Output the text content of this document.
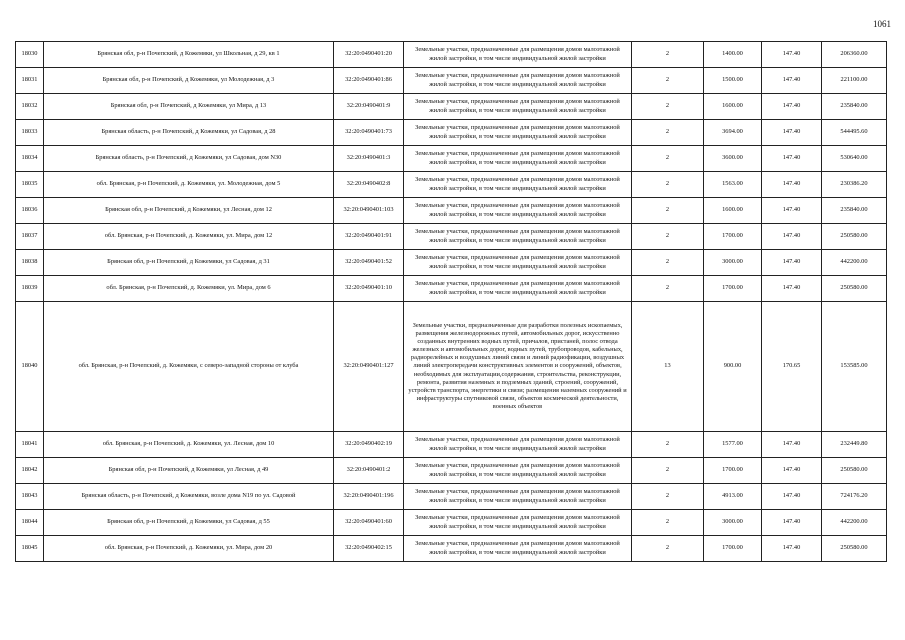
1061
18030	Брянская обл, р-н Почепский, д Кожемяки, ул Школьная, д 29, кв 1	32:20:0490401:20	Земельные участки, предназначенные для размещения домов малоэтажной жилой застройки, в том числе индивидуальной жилой застройки	2	1400.00	147.40	206360.00
18031	Брянская обл, р-н Почепский, д Кожемяки, ул Молодежная, д 3	32:20:0490401:86	Земельные участки, предназначенные для размещения домов малоэтажной жилой застройки, в том числе индивидуальной жилой застройки	2	1500.00	147.40	221100.00
18032	Брянская обл, р-н Почепский, д Кожемяки, ул Мира, д 13	32:20:0490401:9	Земельные участки, предназначенные для размещения домов малоэтажной жилой застройки, в том числе индивидуальной жилой застройки	2	1600.00	147.40	235840.00
18033	Брянская область, р-н Почепский, д Кожемяки, ул Садовая, д 28	32:20:0490401:73	Земельные участки, предназначенные для размещения домов малоэтажной жилой застройки, в том числе индивидуальной жилой застройки	2	3694.00	147.40	544495.60
18034	Брянская область, р-н Почепский, д Кожемяки, ул Садовая, дом N30	32:20:0490401:3	Земельные участки, предназначенные для размещения домов малоэтажной жилой застройки, в том числе индивидуальной жилой застройки	2	3600.00	147.40	530640.00
18035	обл. Брянская, р-н Почепский, д. Кожемяки, ул. Молодежная, дом 5	32:20:0490402:8	Земельные участки, предназначенные для размещения домов малоэтажной жилой застройки, в том числе индивидуальной жилой застройки	2	1563.00	147.40	230386.20
18036	Брянская обл, р-н Почепский, д Кожемяки, ул Лесная, дом 12	32:20:0490401:103	Земельные участки, предназначенные для размещения домов малоэтажной жилой застройки, в том числе индивидуальной жилой застройки	2	1600.00	147.40	235840.00
18037	обл. Брянская, р-н Почепский, д. Кожемяки, ул. Мира, дом 12	32:20:0490401:91	Земельные участки, предназначенные для размещения домов малоэтажной жилой застройки, в том числе индивидуальной жилой застройки	2	1700.00	147.40	250580.00
18038	Брянская обл, р-н Почепский, д Кожемяки, ул Садовая, д 31	32:20:0490401:52	Земельные участки, предназначенные для размещения домов малоэтажной жилой застройки, в том числе индивидуальной жилой застройки	2	3000.00	147.40	442200.00
18039	обл. Брянская, р-н Почепский, д. Кожемяки, ул. Мира, дом 6	32:20:0490401:10	Земельные участки, предназначенные для размещения домов малоэтажной жилой застройки, в том числе индивидуальной жилой застройки	2	1700.00	147.40	250580.00
18040	обл. Брянская, р-н Почепский, д. Кожемяки, с северо-западной стороны от клуба	32:20:0490401:127	Земельные участки, предназначенные для разработки полезных ископаемых, размещения железнодорожных путей, автомобильных дорог, искусственно созданных внутренних водных путей, причалов, пристаней, полос отвода железных и автомобильных дорог, водных путей, трубопроводов, кабельных, радиорелейных и воздушных линий связи и линий радиофикации, воздушных линий электропередачи конструктивных элементов и сооружений, объектов, необходимых для эксплуатации,содержания, строительства, реконструкции, ремонта, развития наземных и подземных зданий, строений, сооружений, устройств транспорта, энергетики и связи; размещения наземных сооружений и инфраструктуры спутниковой связи, объектов космической деятельности, военных объектов	13	900.00	170.65	153585.00
18041	обл. Брянская, р-н Почепский, д. Кожемяки, ул. Лесная, дом 10	32:20:0490402:19	Земельные участки, предназначенные для размещения домов малоэтажной жилой застройки, в том числе индивидуальной жилой застройки	2	1577.00	147.40	232449.80
18042	Брянская обл, р-н Почепский, д Кожемяки, ул Лесная, д 49	32:20:0490401:2	Земельные участки, предназначенные для размещения домов малоэтажной жилой застройки, в том числе индивидуальной жилой застройки	2	1700.00	147.40	250580.00
18043	Брянская область, р-н Почепский, д Кожемяки, возле дома N19 по ул. Садовой	32:20:0490401:196	Земельные участки, предназначенные для размещения домов малоэтажной жилой застройки, в том числе индивидуальной жилой застройки	2	4913.00	147.40	724176.20
18044	Брянская обл, р-н Почепский, д Кожемяки, ул Садовая, д 55	32:20:0490401:60	Земельные участки, предназначенные для размещения домов малоэтажной жилой застройки, в том числе индивидуальной жилой застройки	2	3000.00	147.40	442200.00
18045	обл. Брянская, р-н Почепский, д. Кожемяки, ул. Мира, дом 20	32:20:0490402:15	Земельные участки, предназначенные для размещения домов малоэтажной жилой застройки, в том числе индивидуальной жилой застройки	2	1700.00	147.40	250580.00
